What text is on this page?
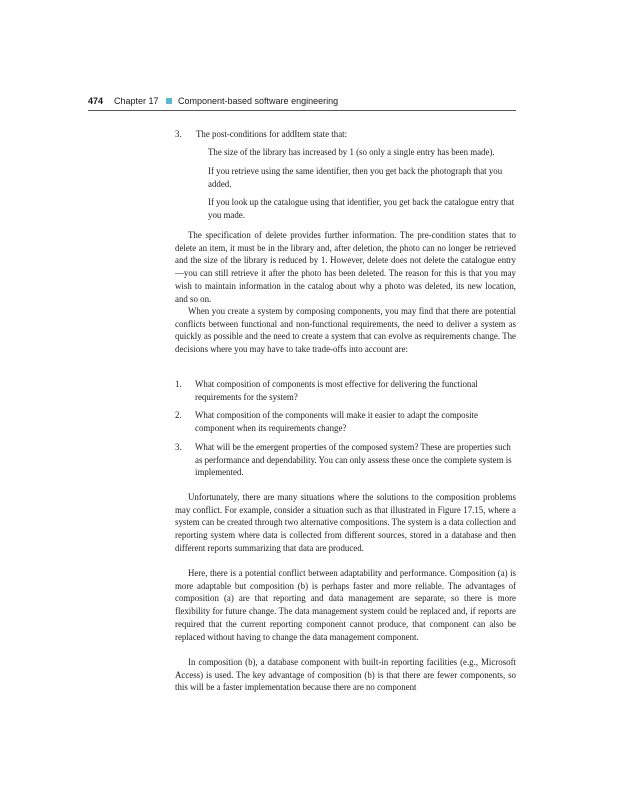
474 Chapter 17 Component-based software engineering
3. The post-conditions for addItem state that:
The size of the library has increased by 1 (so only a single entry has been made).
If you retrieve using the same identifier, then you get back the photograph that you added.
If you look up the catalogue using that identifier, you get back the catalogue entry that you made.
The specification of delete provides further information. The pre-condition states that to delete an item, it must be in the library and, after deletion, the photo can no longer be retrieved and the size of the library is reduced by 1. However, delete does not delete the catalogue entry—you can still retrieve it after the photo has been deleted. The reason for this is that you may wish to maintain information in the catalog about why a photo was deleted, its new location, and so on.
When you create a system by composing components, you may find that there are potential conflicts between functional and non-functional requirements, the need to deliver a system as quickly as possible and the need to create a system that can evolve as requirements change. The decisions where you may have to take trade-offs into account are:
1. What composition of components is most effective for delivering the functional requirements for the system?
2. What composition of the components will make it easier to adapt the composite component when its requirements change?
3. What will be the emergent properties of the composed system? These are properties such as performance and dependability. You can only assess these once the complete system is implemented.
Unfortunately, there are many situations where the solutions to the composition problems may conflict. For example, consider a situation such as that illustrated in Figure 17.15, where a system can be created through two alternative compositions. The system is a data collection and reporting system where data is collected from different sources, stored in a database and then different reports summarizing that data are produced.
Here, there is a potential conflict between adaptability and performance. Composition (a) is more adaptable but composition (b) is perhaps faster and more reliable. The advantages of composition (a) are that reporting and data management are separate, so there is more flexibility for future change. The data management system could be replaced and, if reports are required that the current reporting component cannot produce, that component can also be replaced without having to change the data management component.
In composition (b), a database component with built-in reporting facilities (e.g., Microsoft Access) is used. The key advantage of composition (b) is that there are fewer components, so this will be a faster implementation because there are no component
